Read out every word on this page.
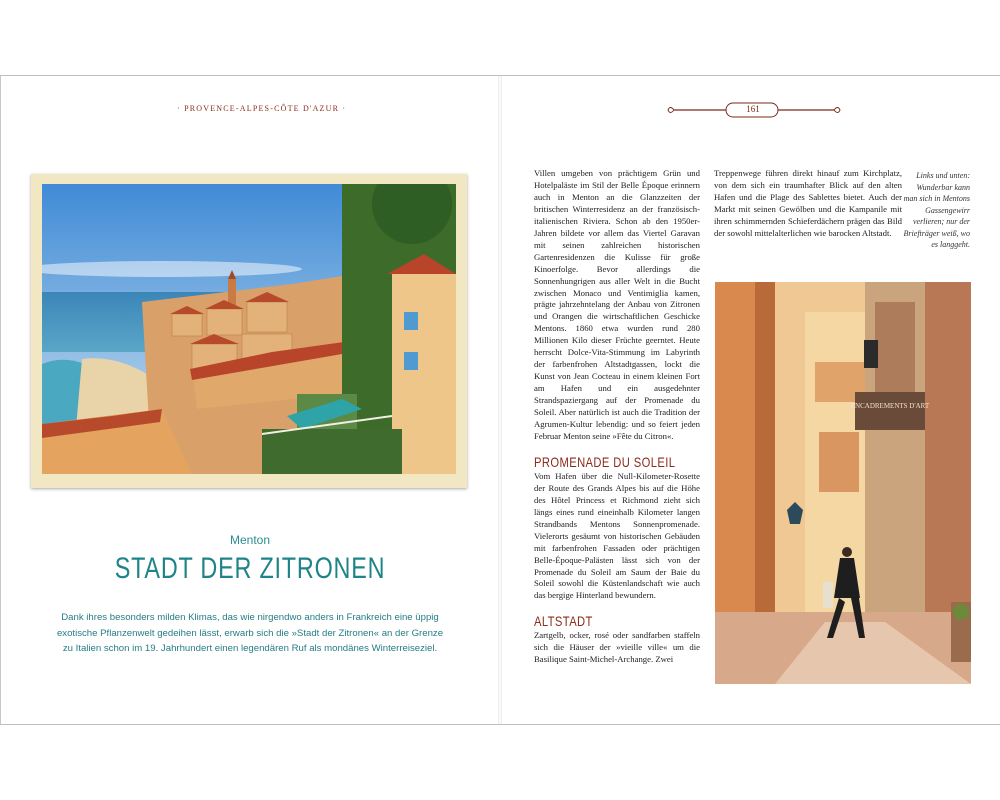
· PROVENCE-ALPES-CÔTE D'AZUR ·
Menton
STADT DER ZITRONEN
Dank ihres besonders milden Klimas, das wie nirgendwo anders in Frankreich eine üppig exotische Pflanzenwelt gedeihen lässt, erwarb sich die »Stadt der Zitronen« an der Grenze zu Italien schon im 19. Jahrhundert einen legendären Ruf als mondänes Winterreiseziel.
161

Villen umgeben von prächtigem Grün und Hotelpaläste im Stil der Belle Époque erinnern auch in Menton an die Glanzzeiten der britischen Winterresidenz an der französisch-italienischen Riviera. Schon ab den 1950er-Jahren bildete vor allem das Viertel Garavan mit seinen zahlreichen historischen Gartenresidenzen die Kulisse für große Kinoerfolge. Bevor allerdings die Sonnenhungrigen aus aller Welt in die Bucht zwischen Monaco und Ventimiglia kamen, prägte jahrzehntelang der Anbau von Zitronen und Orangen die wirtschaftlichen Geschicke Mentons. 1860 etwa wurden rund 280 Millionen Kilo dieser Früchte geerntet. Heute herrscht Dolce-Vita-Stimmung im Labyrinth der farbenfrohen Altstadtgassen, lockt die Kunst von Jean Cocteau in einem kleinen Fort am Hafen und ein ausgedehnter Strandspaziergang auf der Promenade du Soleil. Aber natürlich ist auch die Tradition der Agrumen-Kultur lebendig: und so feiert jeden Februar Menton seine »Fête du Citron«.

PROMENADE DU SOLEIL

Vom Hafen über die Null-Kilometer-Rosette der Route des Grands Alpes bis auf die Höhe des Hôtel Princess et Richmond zieht sich längs eines rund eineinhalb Kilometer langen Strandbands Mentons Sonnenpromenade. Vielerorts gesäumt von historischen Gebäuden mit farbenfrohen Fassaden oder prächtigen Belle-Époque-Palästen lässt sich von der Promenade du Soleil am Saum der Baie du Soleil sowohl die Küstenlandschaft wie auch das bergige Hinterland bewundern.

ALTSTADT

Zartgelb, ocker, rosé oder sandfarben staffeln sich die Häuser der »vieille ville« um die Basilique Saint-Michel-Archange. Zwei

Treppenwege führen direkt hinauf zum Kirchplatz, von dem sich ein traumhafter Blick auf den alten Hafen und die Plage des Sablettes bietet. Auch der Markt mit seinen Gewölben und die Kampanile mit ihren schimmernden Schieferdächern prägen das Bild der sowohl mittelalterlichen wie barocken Altstadt.

Links und unten: Wunderbar kann man sich in Mentons Gassengewirr verlieren; nur der Briefträger weiß, wo es langgeht.
ENCADREMENTS D'ART
